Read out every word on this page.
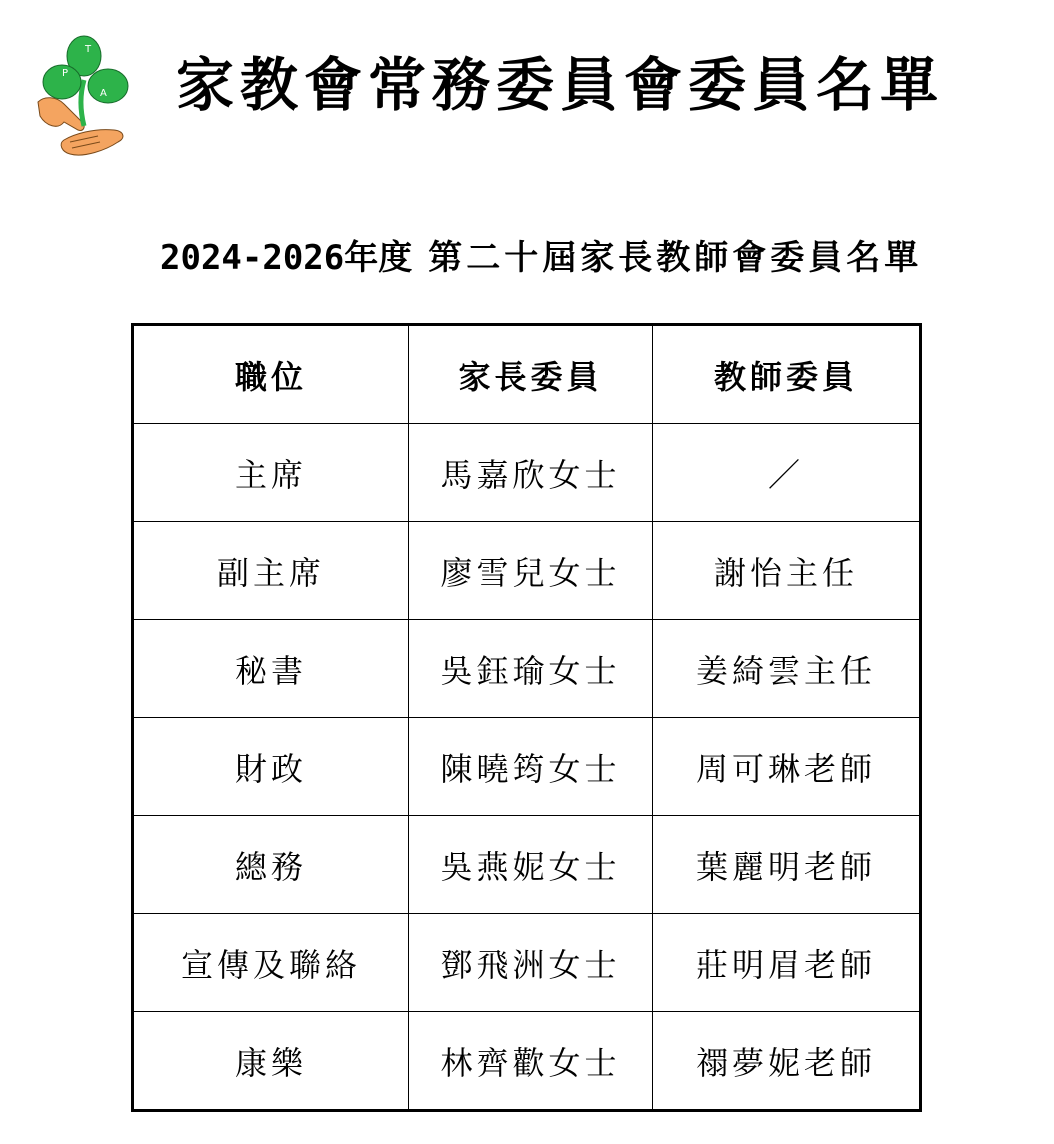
P
T
A 家教會常務委員會委員名單
2024-2026年度 第二十屆家長教師會委員名單
職位	家長委員	教師委員
主席	馬嘉欣女士	／
副主席	廖雪兒女士	謝怡主任
秘書	吳鈺瑜女士	姜綺雲主任
財政	陳曉筠女士	周可琳老師
總務	吳燕妮女士	葉麗明老師
宣傳及聯絡	鄧飛洲女士	莊明眉老師
康樂	林齊歡女士	禤夢妮老師
